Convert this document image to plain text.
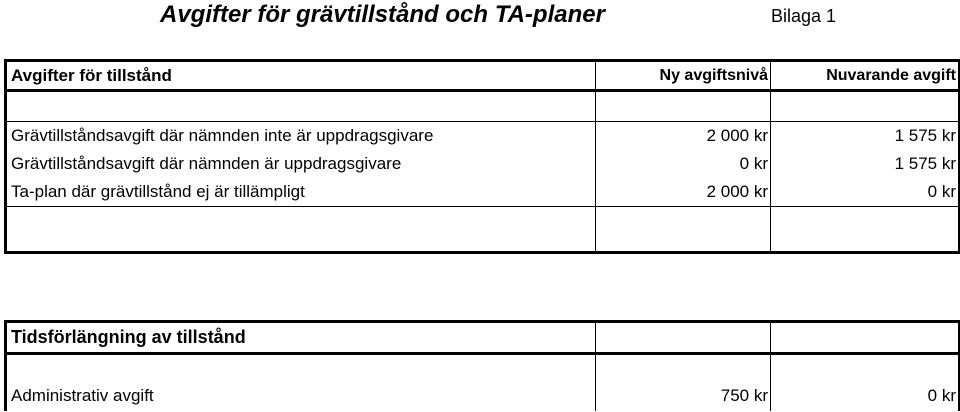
Avgifter för grävtillstånd och TA-planer	Bilaga 1
Avgifter för tillstånd	Ny avgiftsnivå	Nuvarande avgift

Grävtillståndsavgift där nämnden inte är uppdragsgivare	2 000 kr	1 575 kr
Grävtillståndsavgift där nämnden är uppdragsgivare	0 kr	1 575 kr
Ta-plan där grävtillstånd ej är tillämpligt	2 000 kr	0 kr

Tidsförlängning av tillstånd		

Administrativ avgift	750 kr	0 kr
